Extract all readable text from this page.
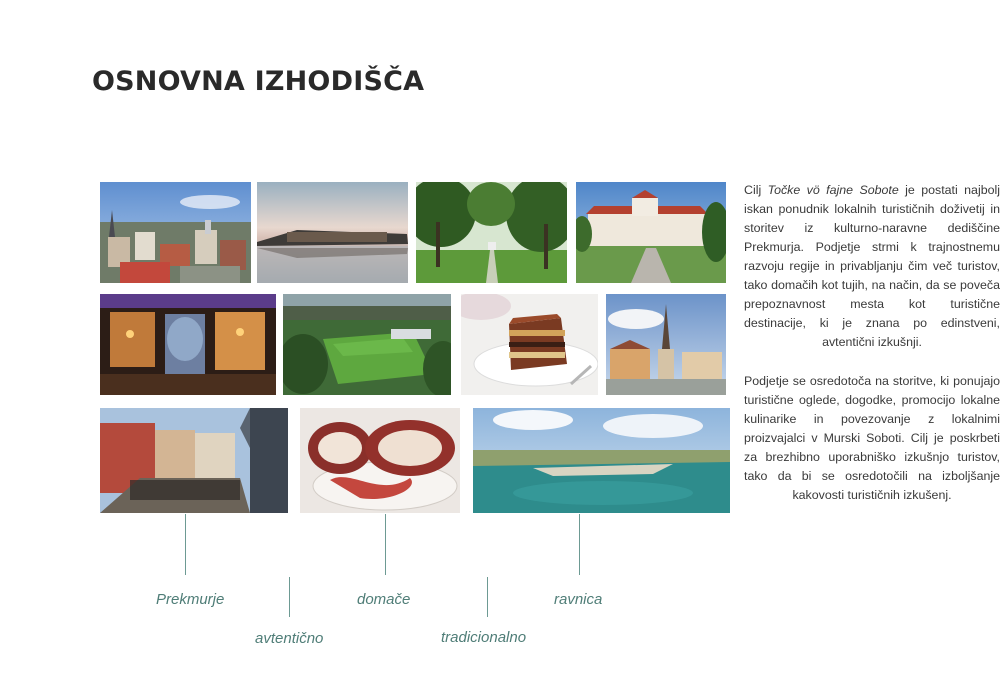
OSNOVNA IZHODIŠČA

Cilj Točke vö fajne Sobote je postati najbolj iskan ponudnik lokalnih turističnih doživetij in storitev iz kulturno-naravne dediščine Prekmurja. Podjetje strmi k trajnostnemu razvoju regije in privabljanju čim več turistov, tako domačih kot tujih, na način, da se poveča prepoznavnost mesta kot turistične destinacije, ki je znana po edinstveni, avtentični izkušnji.

Podjetje se osredotoča na storitve, ki ponujajo turistične oglede, dogodke, promocijo lokalne kulinarike in povezovanje z lokalnimi proizvajalci v Murski Soboti. Cilj je poskrbeti za brezhibno uporabniško izkušnjo turistov, tako da bi se osredotočili na izboljšanje kakovosti turističnih izkušenj.

Prekmurje
avtentično
domače
tradicionalno
ravnica
